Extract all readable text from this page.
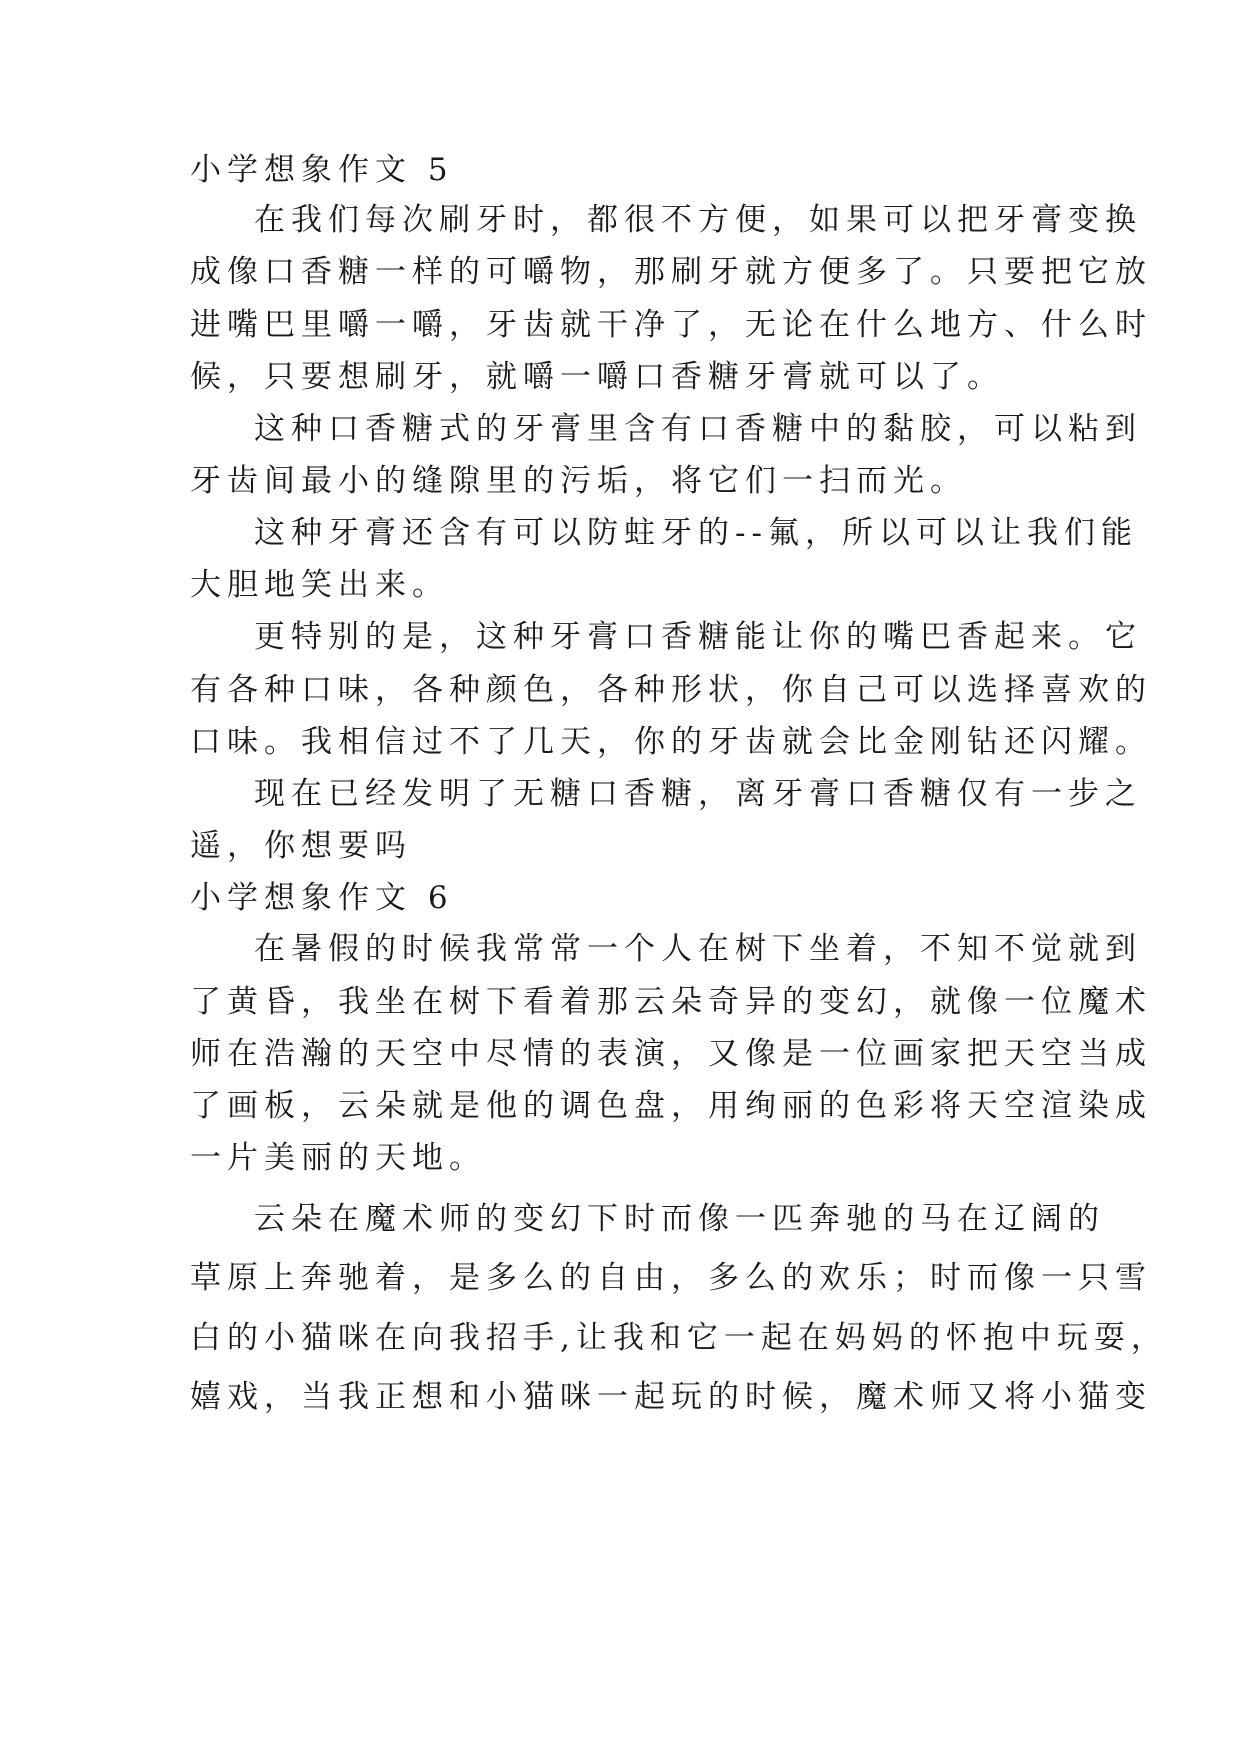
小学想象作文 5
在我们每次刷牙时，都很不方便，如果可以把牙膏变换
成像口香糖一样的可嚼物，那刷牙就方便多了。只要把它放
进嘴巴里嚼一嚼，牙齿就干净了，无论在什么地方、什么时
候，只要想刷牙，就嚼一嚼口香糖牙膏就可以了。
这种口香糖式的牙膏里含有口香糖中的黏胶，可以粘到
牙齿间最小的缝隙里的污垢，将它们一扫而光。
这种牙膏还含有可以防蛀牙的--氟，所以可以让我们能
大胆地笑出来。
更特别的是，这种牙膏口香糖能让你的嘴巴香起来。它
有各种口味，各种颜色，各种形状，你自己可以选择喜欢的
口味。我相信过不了几天，你的牙齿就会比金刚钻还闪耀。
现在已经发明了无糖口香糖，离牙膏口香糖仅有一步之
遥，你想要吗
小学想象作文 6
在暑假的时候我常常一个人在树下坐着，不知不觉就到
了黄昏，我坐在树下看着那云朵奇异的变幻，就像一位魔术
师在浩瀚的天空中尽情的表演，又像是一位画家把天空当成
了画板，云朵就是他的调色盘，用绚丽的色彩将天空渲染成
一片美丽的天地。
云朵在魔术师的变幻下时而像一匹奔驰的马在辽阔的
草原上奔驰着，是多么的自由，多么的欢乐；时而像一只雪
白的小猫咪在向我招手,让我和它一起在妈妈的怀抱中玩耍，
嬉戏，当我正想和小猫咪一起玩的时候，魔术师又将小猫变
